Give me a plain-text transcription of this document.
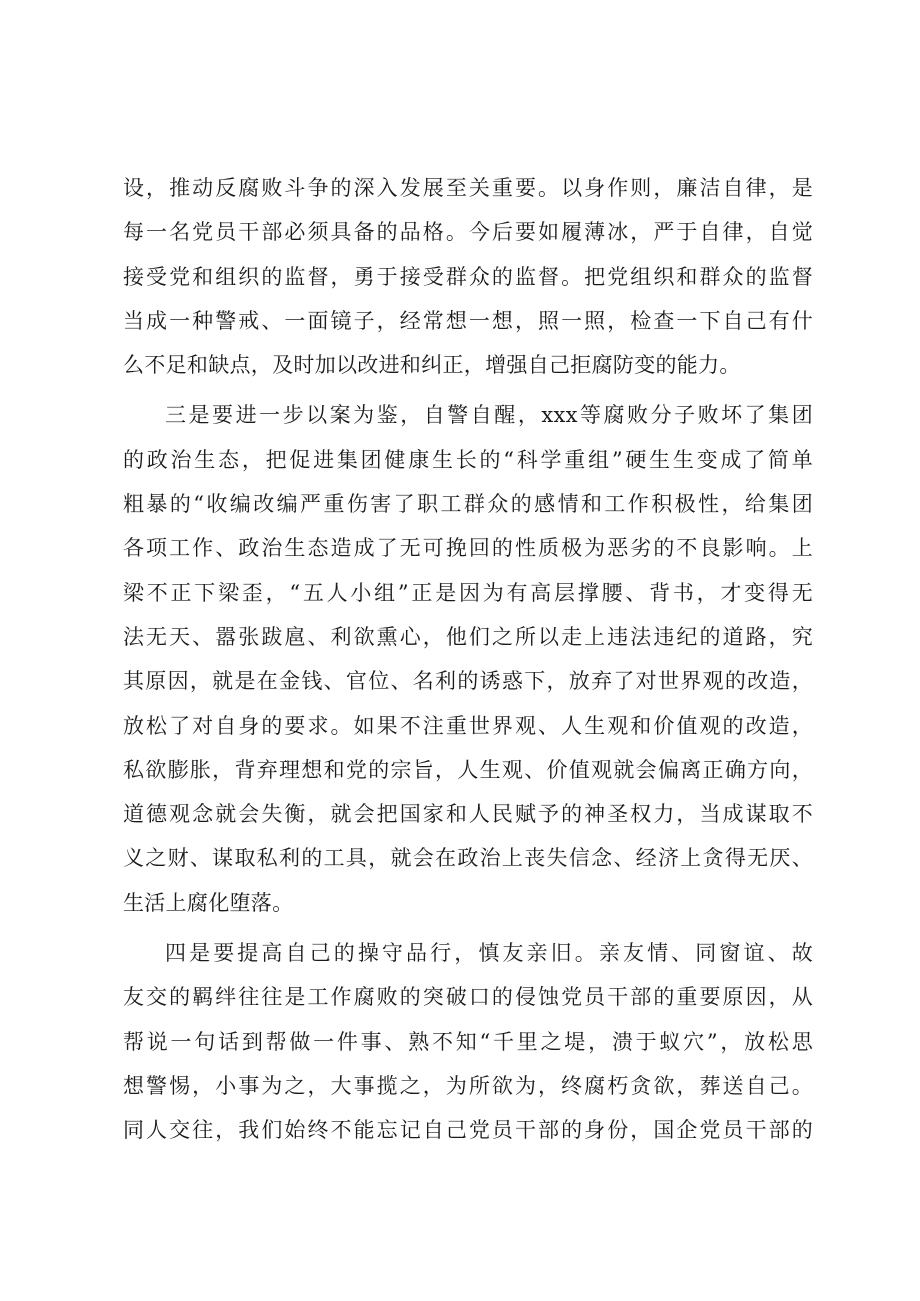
设，推动反腐败斗争的深入发展至关重要。以身作则，廉洁自律，是
每一名党员干部必须具备的品格。今后要如履薄冰，严于自律，自觉
接受党和组织的监督，勇于接受群众的监督。把党组织和群众的监督
当成一种警戒、一面镜子，经常想一想，照一照，检查一下自己有什
么不足和缺点，及时加以改进和纠正，增强自己拒腐防变的能力。
三是要进一步以案为鉴，自警自醒，xxx等腐败分子败坏了集团
的政治生态，把促进集团健康生长的“科学重组”硬生生变成了简单
粗暴的“收编改编严重伤害了职工群众的感情和工作积极性，给集团
各项工作、政治生态造成了无可挽回的性质极为恶劣的不良影响。上
梁不正下梁歪，“五人小组”正是因为有高层撑腰、背书，才变得无
法无天、嚣张跋扈、利欲熏心，他们之所以走上违法违纪的道路，究
其原因，就是在金钱、官位、名利的诱惑下，放弃了对世界观的改造，
放松了对自身的要求。如果不注重世界观、人生观和价值观的改造，
私欲膨胀，背弃理想和党的宗旨，人生观、价值观就会偏离正确方向，
道德观念就会失衡，就会把国家和人民赋予的神圣权力，当成谋取不
义之财、谋取私利的工具，就会在政治上丧失信念、经济上贪得无厌、
生活上腐化堕落。
四是要提高自己的操守品行，慎友亲旧。亲友情、同窗谊、故
友交的羁绊往往是工作腐败的突破口的侵蚀党员干部的重要原因，从
帮说一句话到帮做一件事、熟不知“千里之堤，溃于蚁穴”，放松思
想警惕，小事为之，大事揽之，为所欲为，终腐朽贪欲，葬送自己。
同人交往，我们始终不能忘记自己党员干部的身份，国企党员干部的
